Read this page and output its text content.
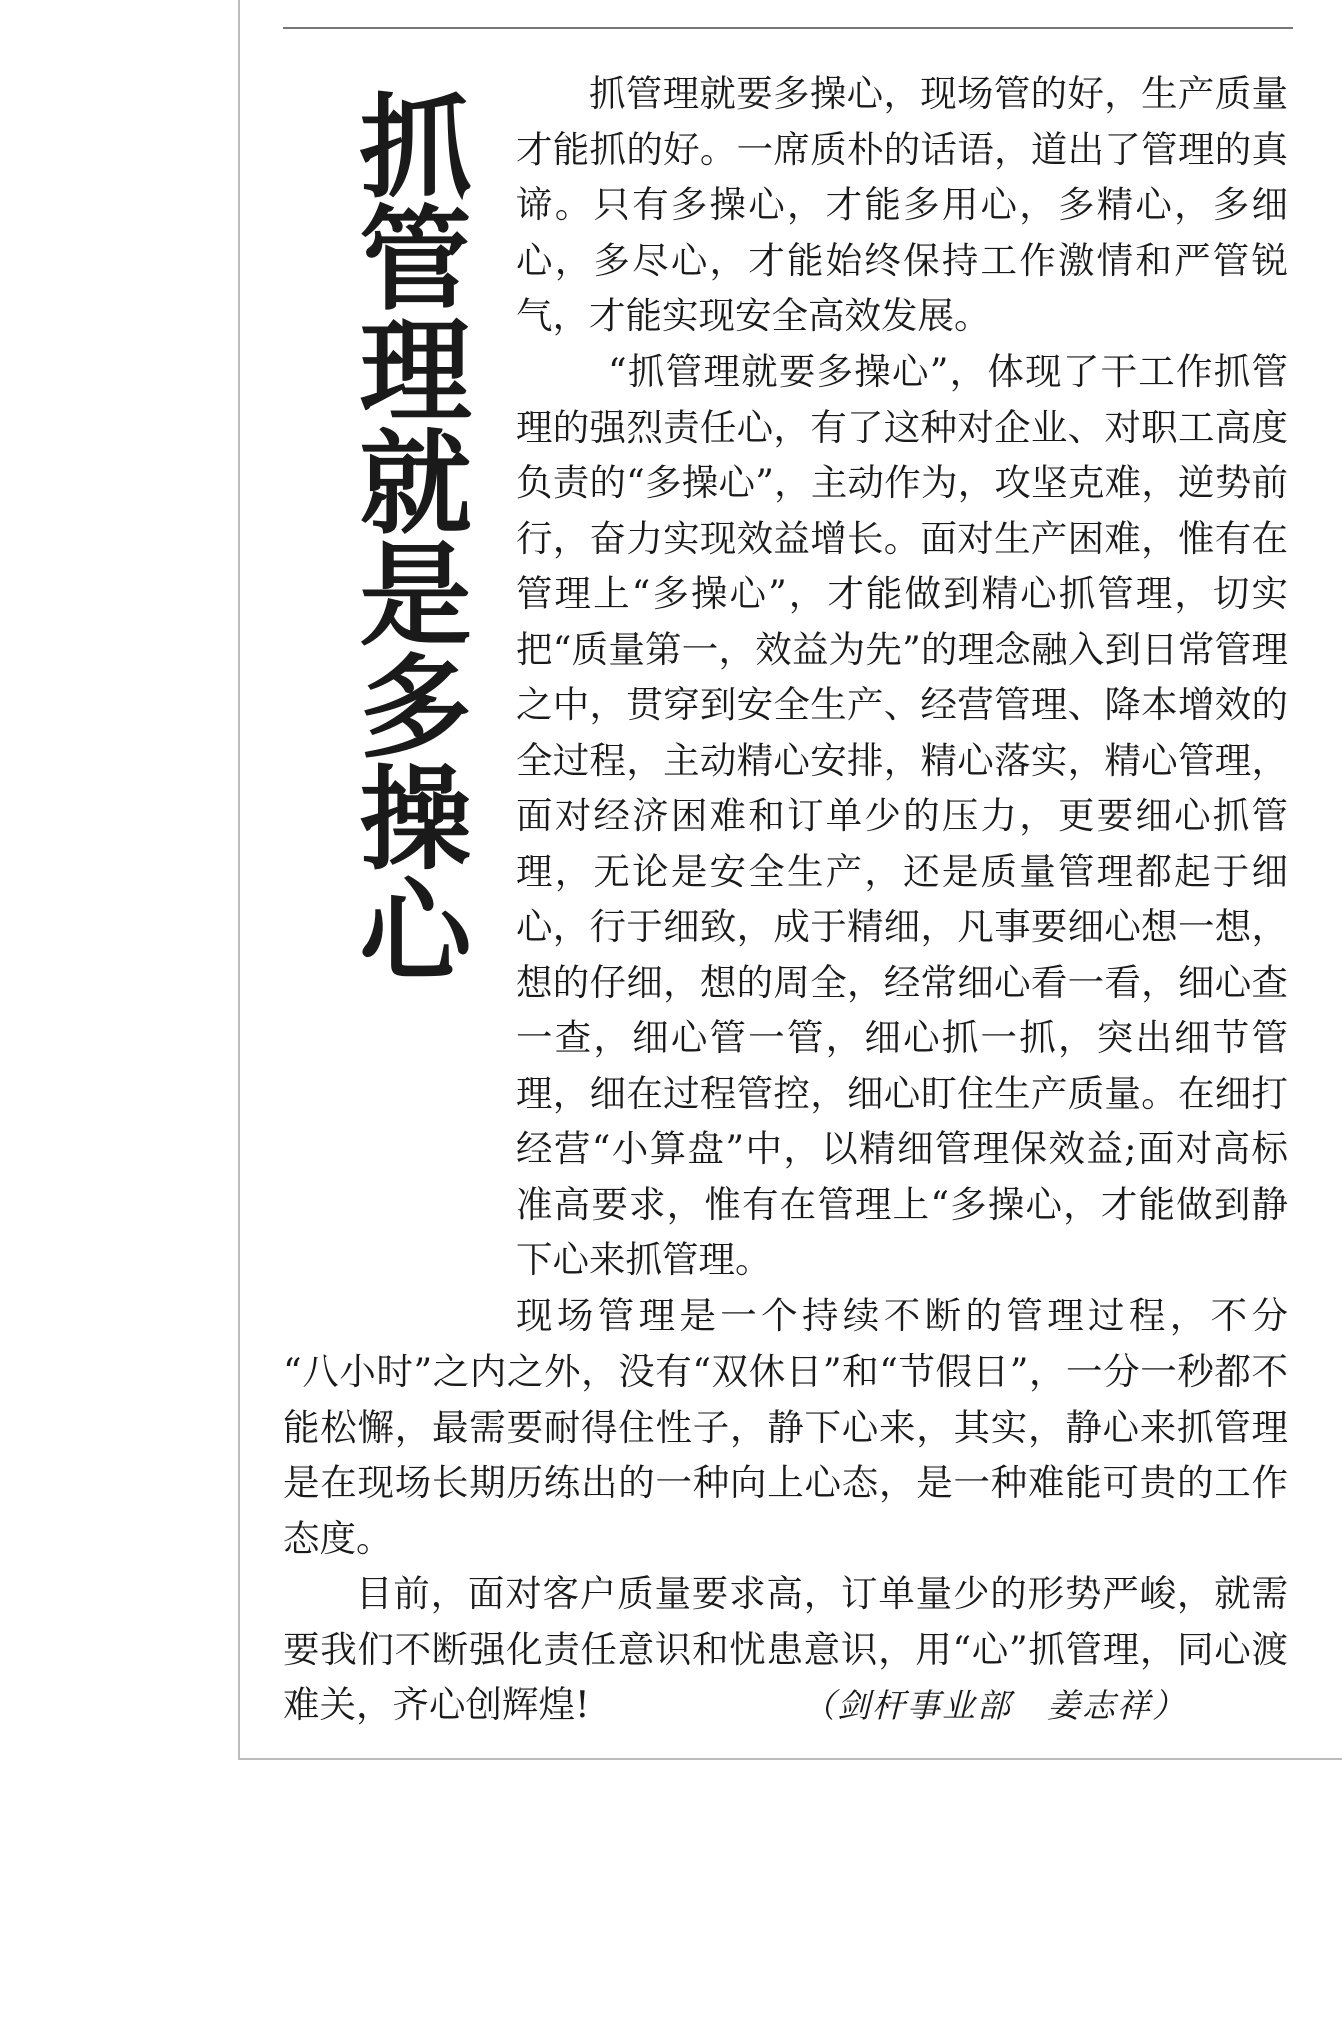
抓管理就是多操心	抓管理就要多操心，现场管的好，生产质量才能抓的好。一席质朴的话语，道出了管理的真谛。只有多操心，才能多用心，多精心，多细心，多尽心，才能始终保持工作激情和严管锐气，才能实现安全高效发展。

“抓管理就要多操心”，体现了干工作抓管理的强烈责任心，有了这种对企业、对职工高度负责的“多操心”，主动作为，攻坚克难，逆势前行，奋力实现效益增长。面对生产困难，惟有在管理上“多操心”，才能做到精心抓管理，切实把“质量第一，效益为先”的理念融入到日常管理之中，贯穿到安全生产、经营管理、降本增效的全过程，主动精心安排，精心落实，精心管理，面对经济困难和订单少的压力，更要细心抓管理，无论是安全生产，还是质量管理都起于细心，行于细致，成于精细，凡事要细心想一想，想的仔细，想的周全，经常细心看一看，细心查一查，细心管一管，细心抓一抓，突出细节管理，细在过程管控，细心盯住生产质量。在细打经营“小算盘”中，以精细管理保效益;面对高标准高要求，惟有在管理上“多操心，才能做到静下心来抓管理。

现场管理是一个持续不断的管理过程，不分

“八小时”之内之外，没有“双休日”和“节假日”，一分一秒都不能松懈，最需要耐得住性子，静下心来，其实，静心来抓管理是在现场长期历练出的一种向上心态，是一种难能可贵的工作态度。

目前，面对客户质量要求高，订单量少的形势严峻，就需要我们不断强化责任意识和忧患意识，用“心”抓管理，同心渡难关，齐心创辉煌!	（剑杆事业部　姜志祥）
